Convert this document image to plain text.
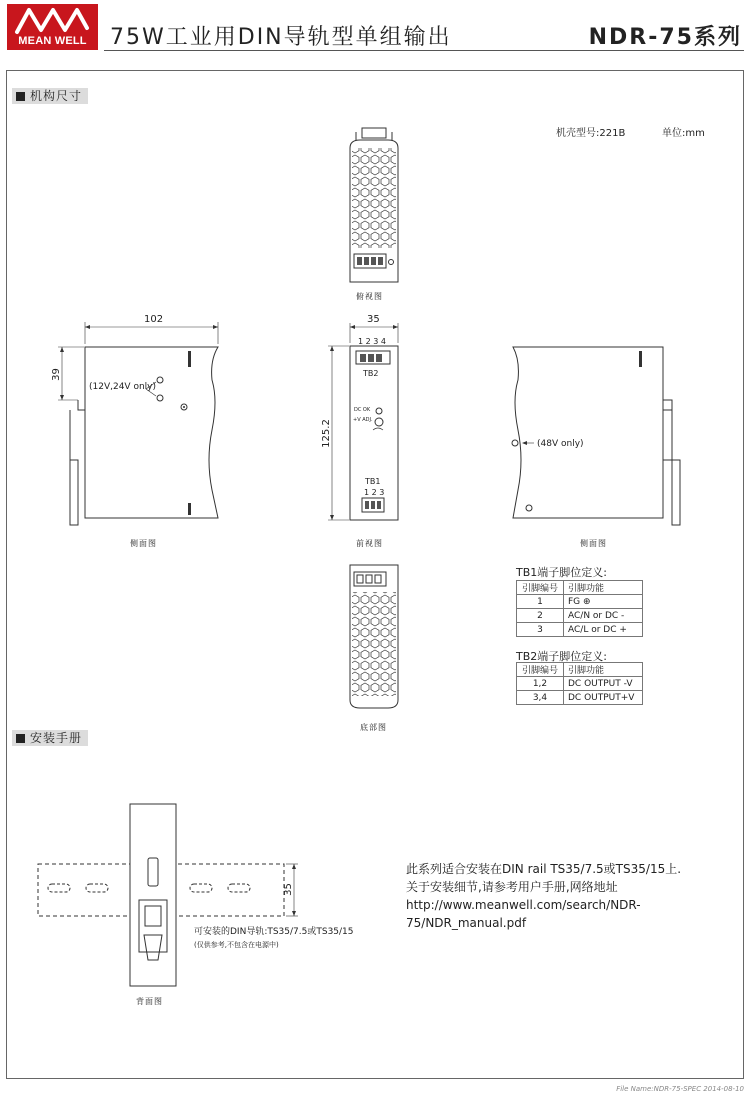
MEAN WELL	75W工业用DIN导轨型单组输出	NDR-75系列
机构尺寸
机壳型号:221B	单位:mm
俯视图
102
39
(12V,24V only)
侧面图
35
125.2
1 2 3 4
TB2
DC OK
+V ADJ.
TB1
1 2 3
前视图
(48V only)
侧面图
底部图
TB1端子脚位定义:
引脚编号	引脚功能
1	FG ⊕
2	AC/N or DC -
3	AC/L or DC +
TB2端子脚位定义:
引脚编号	引脚功能
1,2	DC OUTPUT -V
3,4	DC OUTPUT+V
安装手册
35
可安装的DIN导轨:TS35/7.5或TS35/15
(仅供参考,不包含在电源中)
背面图
此系列适合安装在DIN rail TS35/7.5或TS35/15上.
关于安装细节,请参考用户手册,网络地址
http://www.meanwell.com/search/NDR-75/NDR_manual.pdf
File Name:NDR-75-SPEC 2014-08-10
